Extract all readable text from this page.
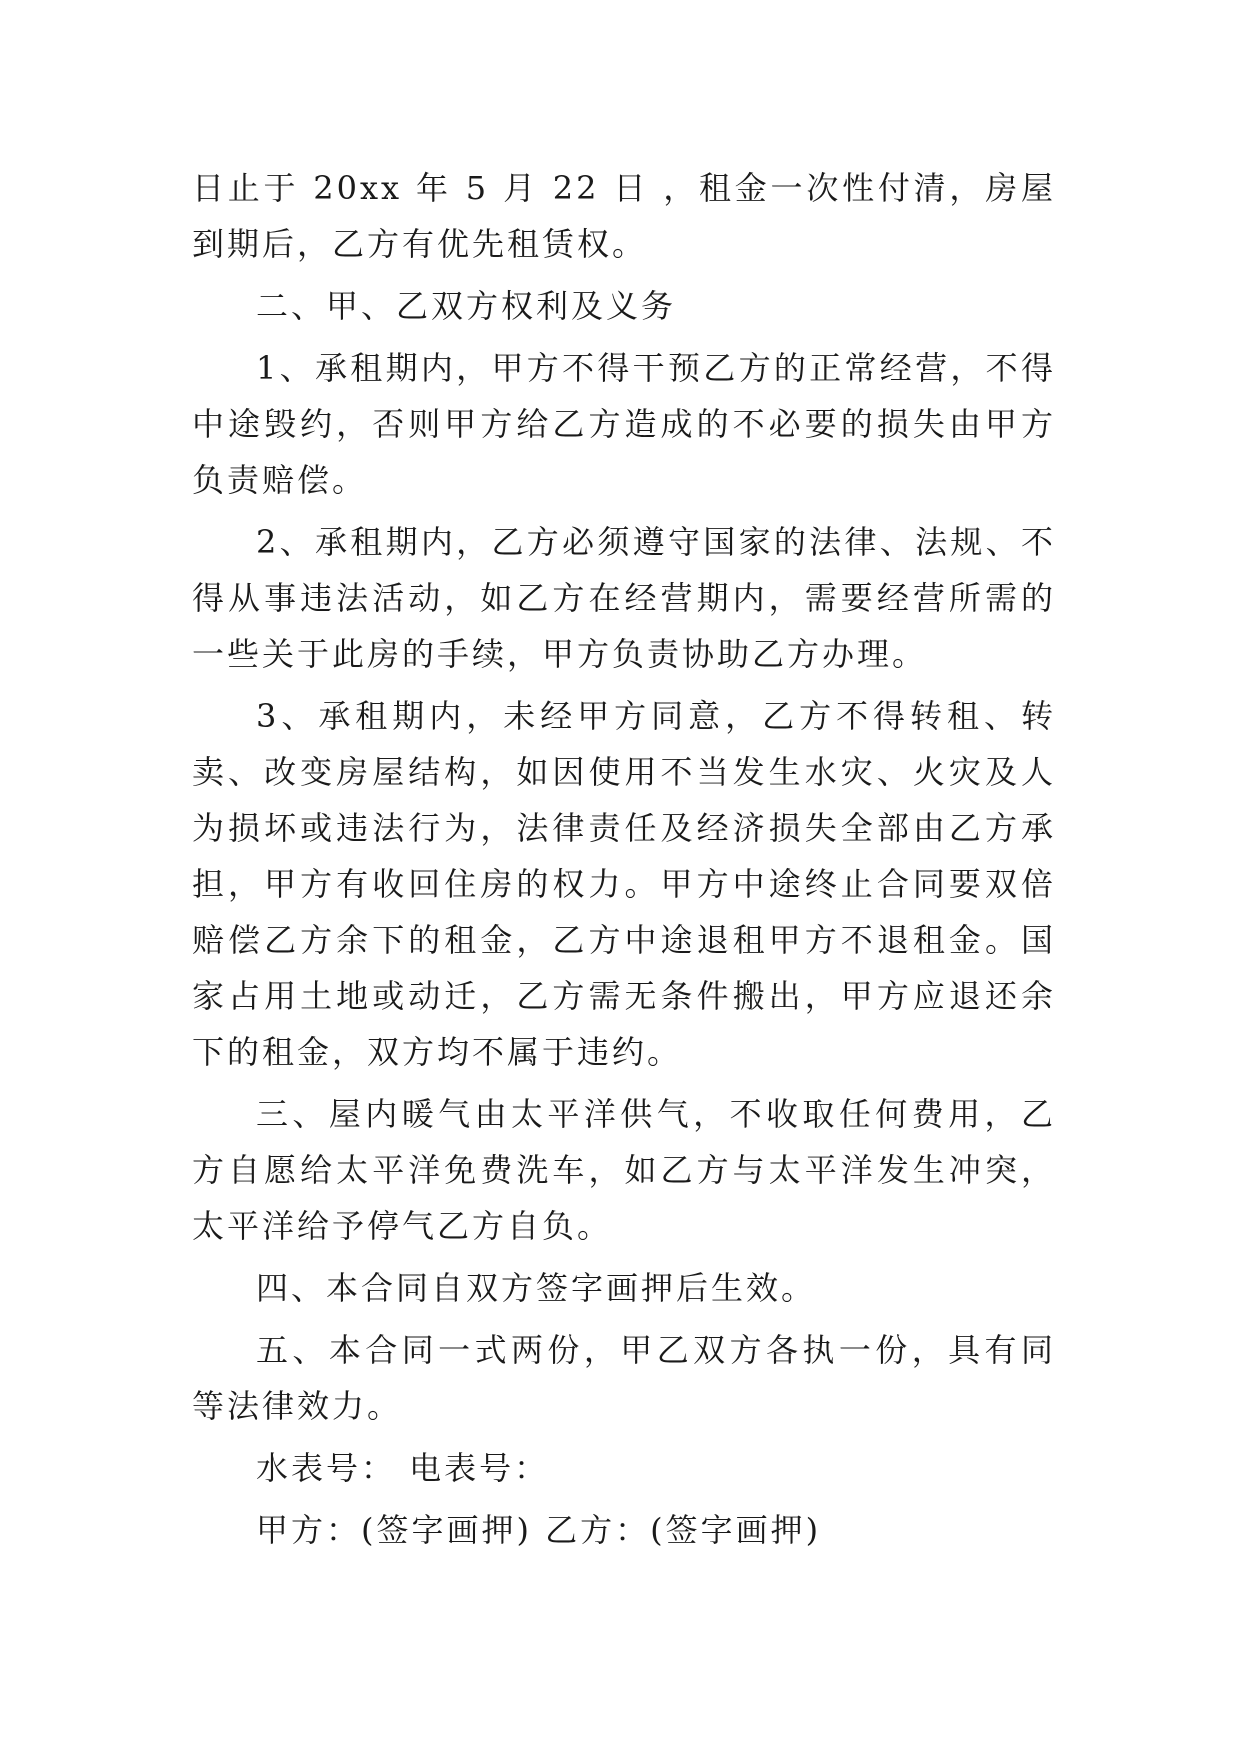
日止于 20xx 年 5 月 22 日 ，租金一次性付清，房屋到期后，乙方有优先租赁权。

二、甲、乙双方权利及义务

1、承租期内，甲方不得干预乙方的正常经营，不得中途毁约，否则甲方给乙方造成的不必要的损失由甲方负责赔偿。

2、承租期内，乙方必须遵守国家的法律、法规、不得从事违法活动，如乙方在经营期内，需要经营所需的一些关于此房的手续，甲方负责协助乙方办理。

3、承租期内，未经甲方同意，乙方不得转租、转卖、改变房屋结构，如因使用不当发生水灾、火灾及人为损坏或违法行为，法律责任及经济损失全部由乙方承担，甲方有收回住房的权力。甲方中途终止合同要双倍赔偿乙方余下的租金，乙方中途退租甲方不退租金。国家占用土地或动迁，乙方需无条件搬出，甲方应退还余下的租金，双方均不属于违约。

三、屋内暖气由太平洋供气，不收取任何费用，乙方自愿给太平洋免费洗车，如乙方与太平洋发生冲突，太平洋给予停气乙方自负。

四、本合同自双方签字画押后生效。

五、本合同一式两份，甲乙双方各执一份，具有同等法律效力。

水表号： 电表号：

甲方：(签字画押) 乙方：(签字画押)
